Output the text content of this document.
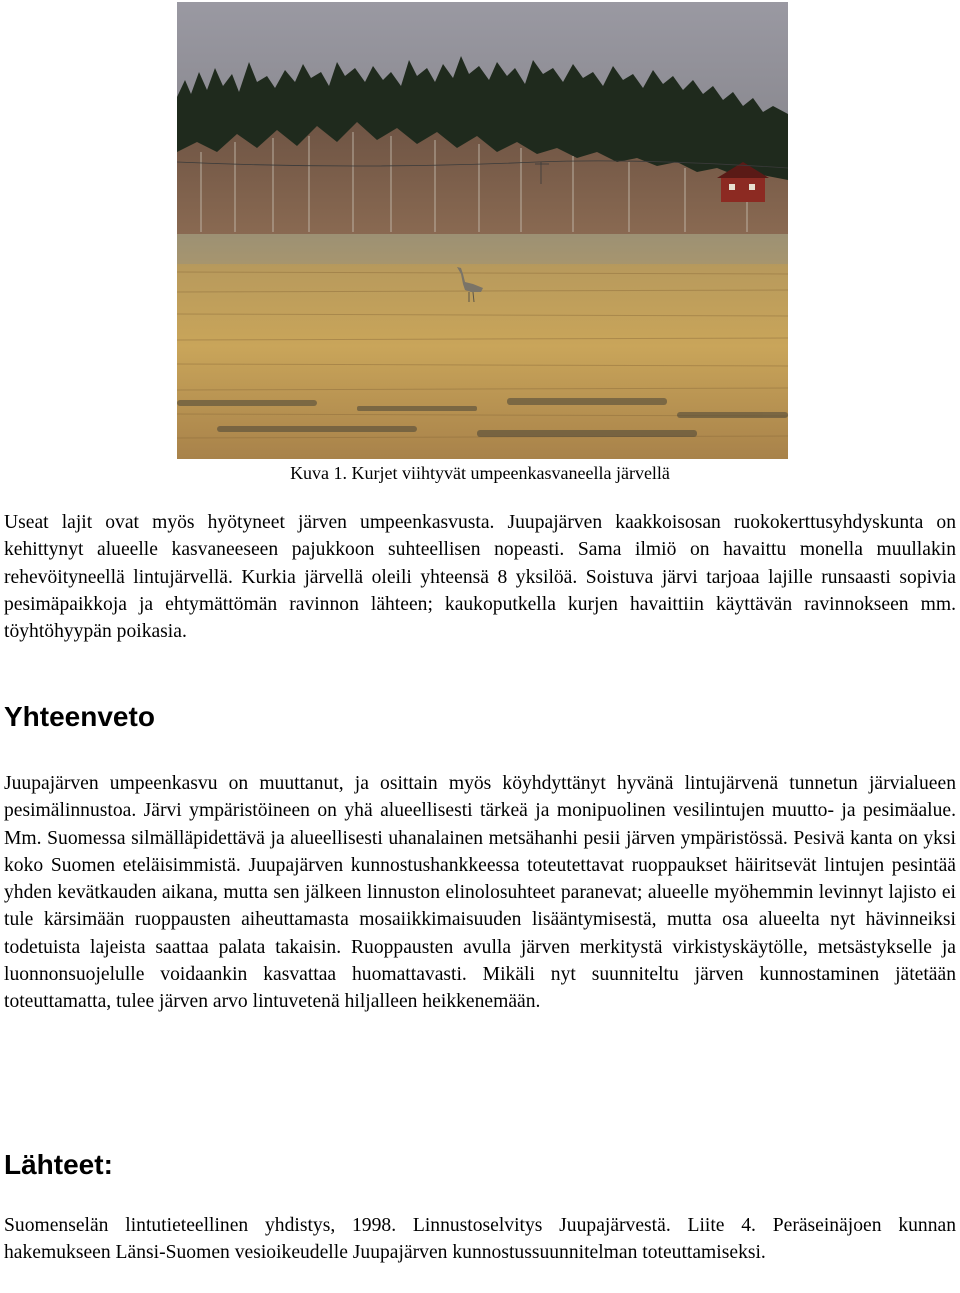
Kuva 1. Kurjet viihtyvät umpeenkasvaneella järvellä

Useat lajit ovat myös hyötyneet järven umpeenkasvusta. Juupajärven kaakkoisosan ruokokerttusyhdyskunta on kehittynyt alueelle kasvaneeseen pajukkoon suhteellisen nopeasti. Sama ilmiö on havaittu monella muullakin rehevöityneellä lintujärvellä. Kurkia järvellä oleili yhteensä 8 yksilöä. Soistuva järvi tarjoaa lajille runsaasti sopivia pesimäpaikkoja ja ehtymättömän ravinnon lähteen; kaukoputkella kurjen havaittiin käyttävän ravinnokseen mm. töyhtöhyypän poikasia.

Yhteenveto

Juupajärven umpeenkasvu on muuttanut, ja osittain myös köyhdyttänyt hyvänä lintujärvenä tunnetun järvialueen pesimälinnustoa. Järvi ympäristöineen on yhä alueellisesti tärkeä ja monipuolinen vesilintujen muutto- ja pesimäalue. Mm. Suomessa silmälläpidettävä ja alueellisesti uhanalainen metsähanhi pesii järven ympäristössä. Pesivä kanta on yksi koko Suomen eteläisimmistä. Juupajärven kunnostushankkeessa toteutettavat ruoppaukset häiritsevät lintujen pesintää yhden kevätkauden aikana, mutta sen jälkeen linnuston elinolosuhteet paranevat; alueelle myöhemmin levinnyt lajisto ei tule kärsimään ruoppausten aiheuttamasta mosaiikkimaisuuden lisääntymisestä, mutta osa alueelta nyt hävinneiksi todetuista lajeista saattaa palata takaisin. Ruoppausten avulla järven merkitystä virkistyskäytölle, metsästykselle ja luonnonsuojelulle voidaankin kasvattaa huomattavasti. Mikäli nyt suunniteltu järven kunnostaminen jätetään toteuttamatta, tulee järven arvo lintuvetenä hiljalleen heikkenemään.

Lähteet:

Suomenselän lintutieteellinen yhdistys, 1998. Linnustoselvitys Juupajärvestä. Liite 4. Peräseinäjoen kunnan hakemukseen Länsi-Suomen vesioikeudelle Juupajärven kunnostussuunnitelman toteuttamiseksi.
